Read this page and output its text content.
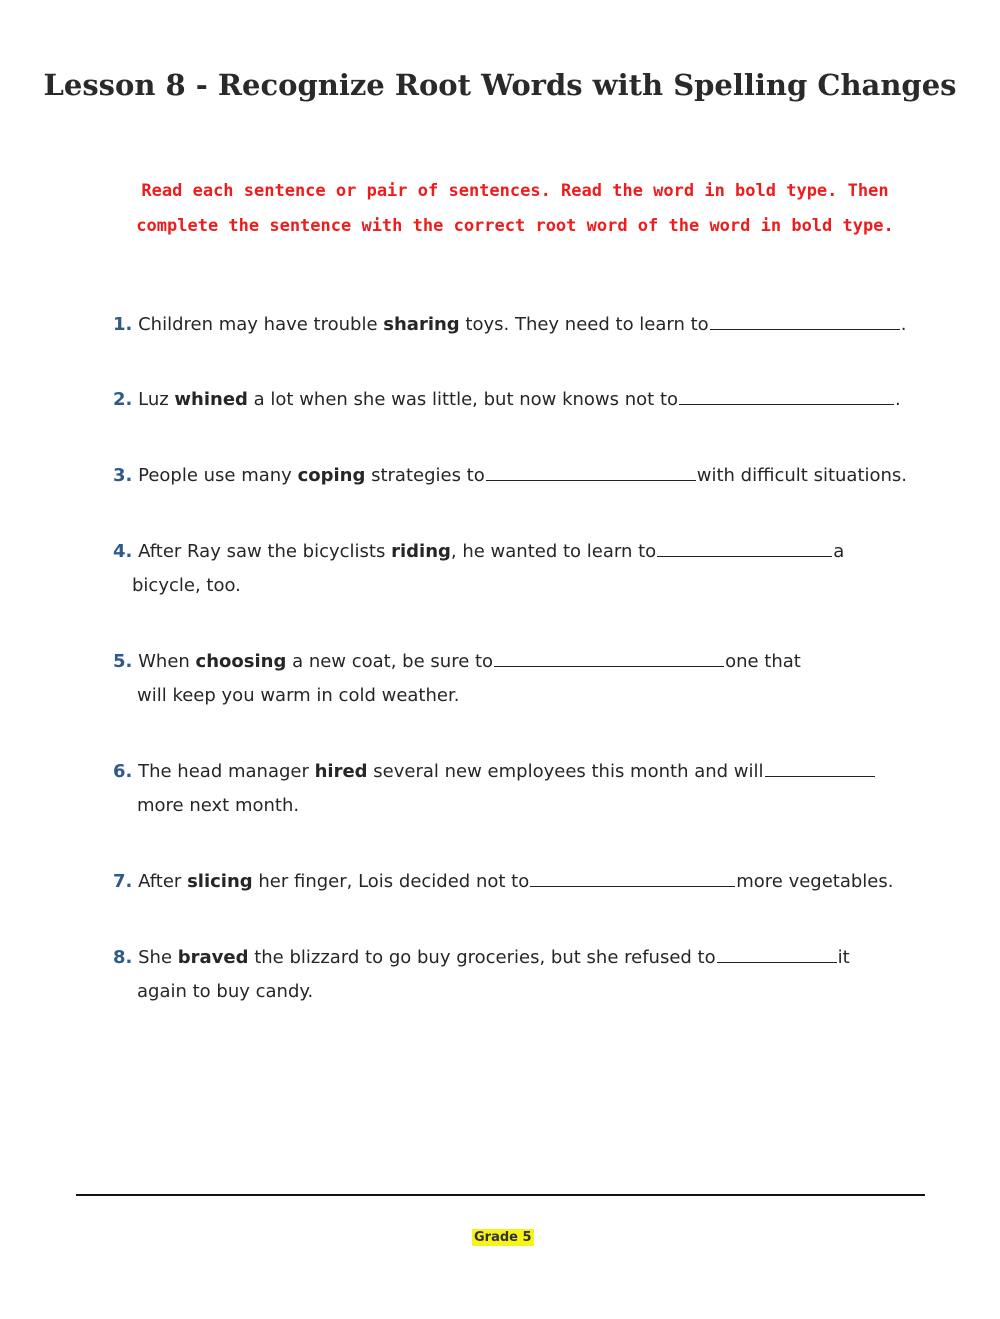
Lesson 8 - Recognize Root Words with Spelling Changes
Read each sentence or pair of sentences. Read the word in bold type. Then
complete the sentence with the correct root word of the word in bold type.
1. Children may have trouble sharing toys. They need to learn to	.
2. Luz whined a lot when she was little, but now knows not to	.
3. People use many coping strategies to	with difficult situations.
4. After Ray saw the bicyclists riding, he wanted to learn to	a
bicycle, too.
5. When choosing a new coat, be sure to	one that
will keep you warm in cold weather.
6. The head manager hired several new employees this month and will
more next month.
7. After slicing her finger, Lois decided not to	more vegetables.
8. She braved the blizzard to go buy groceries, but she refused to	it
again to buy candy.
Grade 5
